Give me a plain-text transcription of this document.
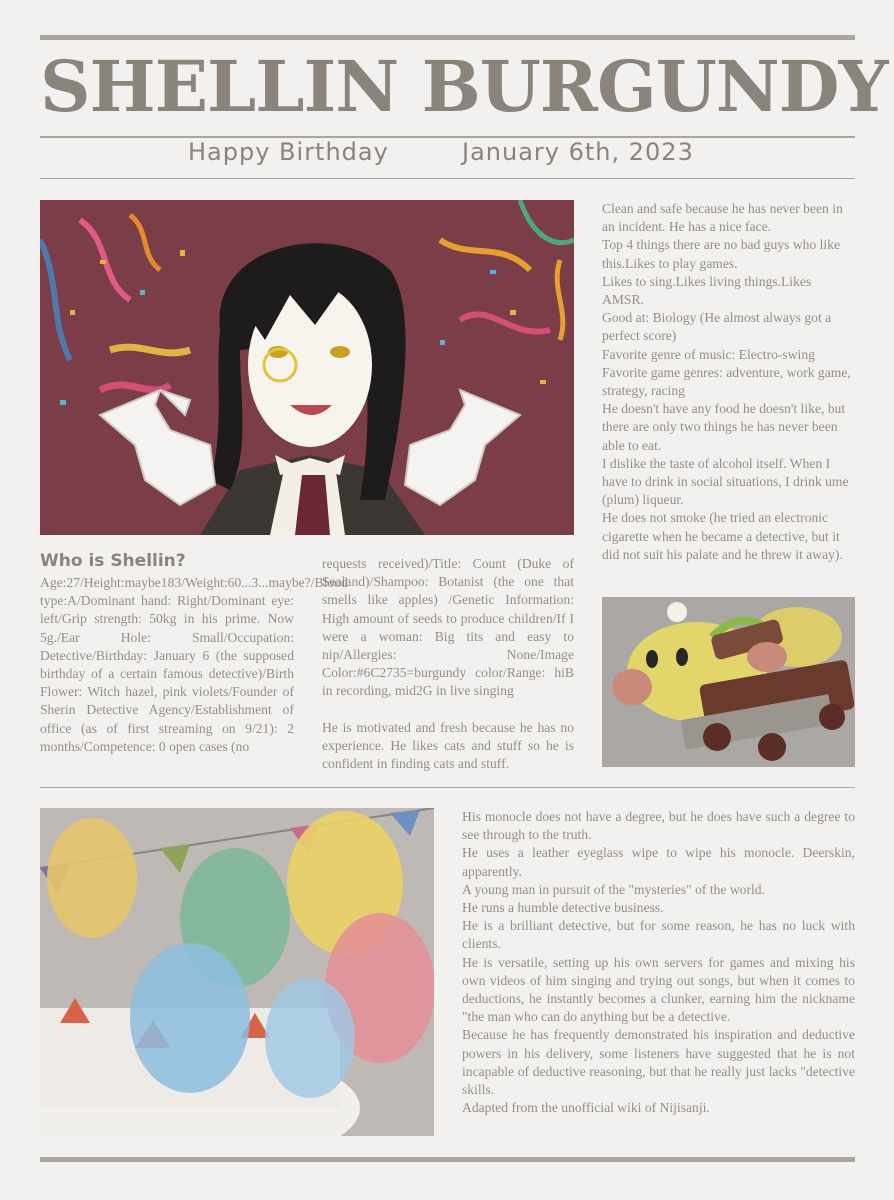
SHELLIN BURGUNDY
Happy Birthday	January 6th, 2023
Who is Shellin?

Age:27/Height:maybe183/Weight:60...3...maybe?/Blood type:A/Dominant hand: Right/Dominant eye: left/Grip strength: 50kg in his prime. Now 5g./Ear Hole: Small/Occupation: Detective/Birthday: January 6 (the supposed birthday of a certain famous detective)/Birth Flower: Witch hazel, pink violets/Founder of Sherin Detective Agency/Establishment of office (as of first streaming on 9/21): 2 months/Competence: 0 open cases (no

requests received)/Title: Count (Duke of Sealand)/Shampoo: Botanist (the one that smells like apples) /Genetic Information: High amount of seeds to produce children/If I were a woman: Big tits and easy to nip/Allergies: None/Image Color:#6C2735=burgundy color/Range: hiB in recording, mid2G in live singing

He is motivated and fresh because he has no experience. He likes cats and stuff so he is confident in finding cats and stuff.

Clean and safe because he has never been in an incident. He has a nice face.

Top 4 things there are no bad guys who like this.Likes to play games.

Likes to sing.Likes living things.Likes AMSR.

Good at: Biology (He almost always got a perfect score)

Favorite genre of music: Electro-swing

Favorite game genres: adventure, work game, strategy, racing

He doesn't have any food he doesn't like, but there are only two things he has never been able to eat.

I dislike the taste of alcohol itself. When I have to drink in social situations, I drink ume (plum) liqueur.

He does not smoke (he tried an electronic cigarette when he became a detective, but it did not suit his palate and he threw it away).

His monocle does not have a degree, but he does have such a degree to see through to the truth.

He uses a leather eyeglass wipe to wipe his monocle. Deerskin, apparently.

A young man in pursuit of the "mysteries" of the world.

He runs a humble detective business.

He is a brilliant detective, but for some reason, he has no luck with clients.

He is versatile, setting up his own servers for games and mixing his own videos of him singing and trying out songs, but when it comes to deductions, he instantly becomes a clunker, earning him the nickname "the man who can do anything but be a detective.

Because he has frequently demonstrated his inspiration and deductive powers in his delivery, some listeners have suggested that he is not incapable of deductive reasoning, but that he really just lacks "detective skills.

Adapted from the unofficial wiki of Nijisanji.
